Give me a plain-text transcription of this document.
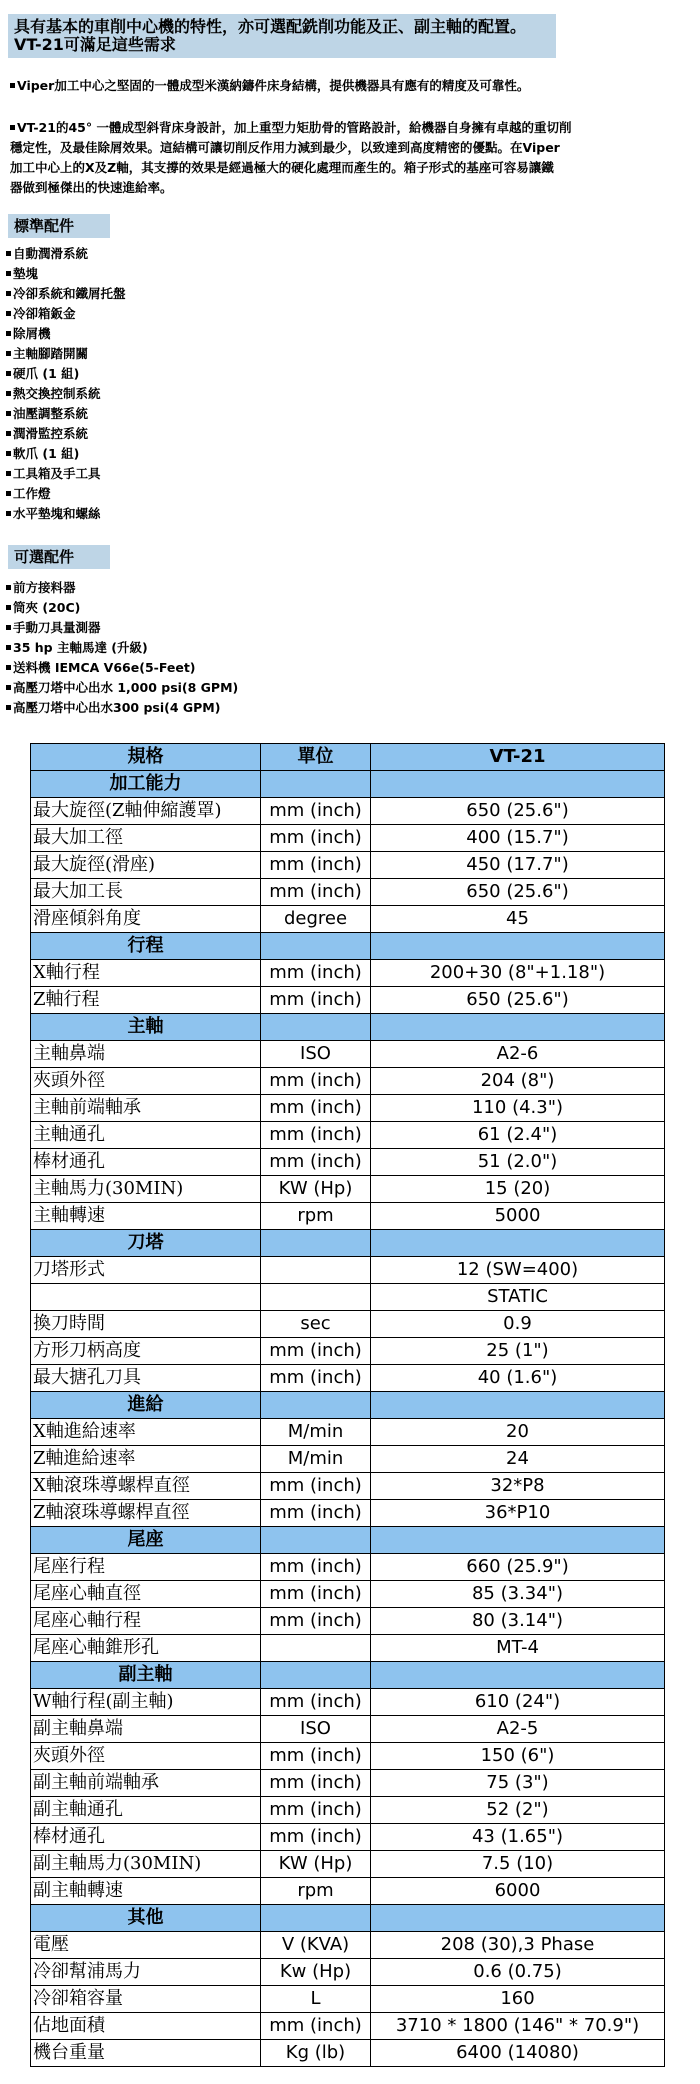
具有基本的車削中心機的特性，亦可選配銑削功能及正、副主軸的配置。
VT-21可滿足這些需求
Viper加工中心之堅固的一體成型米漢納鑄件床身結構，提供機器具有應有的精度及可靠性。
VT-21的45° 一體成型斜背床身設計，加上重型力矩肋骨的管路設計，給機器自身擁有卓越的重切削
穩定性，及最佳除屑效果。這結構可讓切削反作用力減到最少，以致達到高度精密的優點。在Viper
加工中心上的X及Z軸，其支撐的效果是經過極大的硬化處理而產生的。箱子形式的基座可容易讓鐵
器做到極傑出的快速進給率。
標準配件
自動潤滑系統
墊塊
冷卻系統和鐵屑托盤
冷卻箱鈑金
除屑機
主軸腳踏開關
硬爪 (1 組)
熱交換控制系統
油壓調整系統
潤滑監控系統
軟爪 (1 組)
工具箱及手工具
工作燈
水平墊塊和螺絲
可選配件
前方接料器
筒夾 (20C)
手動刀具量測器
35 hp 主軸馬達 (升級)
送料機 IEMCA V66e(5-Feet)
高壓刀塔中心出水 1,000 psi(8 GPM)
高壓刀塔中心出水300 psi(4 GPM)
規格	單位	VT-21
加工能力		
最大旋徑(Z軸伸縮護罩)	mm (inch)	650 (25.6")
最大加工徑	mm (inch)	400 (15.7")
最大旋徑(滑座)	mm (inch)	450 (17.7")
最大加工長	mm (inch)	650 (25.6")
滑座傾斜角度	degree	45
行程		
X軸行程	mm (inch)	200+30 (8"+1.18")
Z軸行程	mm (inch)	650 (25.6")
主軸		
主軸鼻端	ISO	A2-6
夾頭外徑	mm (inch)	204 (8")
主軸前端軸承	mm (inch)	110 (4.3")
主軸通孔	mm (inch)	61 (2.4")
棒材通孔	mm (inch)	51 (2.0")
主軸馬力(30MIN)	KW (Hp)	15 (20)
主軸轉速	rpm	5000
刀塔		
刀塔形式		12 (SW=400)
		STATIC
換刀時間	sec	0.9
方形刀柄高度	mm (inch)	25 (1")
最大搪孔刀具	mm (inch)	40 (1.6")
進給		
X軸進給速率	M/min	20
Z軸進給速率	M/min	24
X軸滾珠導螺桿直徑	mm (inch)	32*P8
Z軸滾珠導螺桿直徑	mm (inch)	36*P10
尾座		
尾座行程	mm (inch)	660 (25.9")
尾座心軸直徑	mm (inch)	85 (3.34")
尾座心軸行程	mm (inch)	80 (3.14")
尾座心軸錐形孔		MT-4
副主軸		
W軸行程(副主軸)	mm (inch)	610 (24")
副主軸鼻端	ISO	A2-5
夾頭外徑	mm (inch)	150 (6")
副主軸前端軸承	mm (inch)	75 (3")
副主軸通孔	mm (inch)	52 (2")
棒材通孔	mm (inch)	43 (1.65")
副主軸馬力(30MIN)	KW (Hp)	7.5 (10)
副主軸轉速	rpm	6000
其他		
電壓	V (KVA)	208 (30),3 Phase
冷卻幫浦馬力	Kw (Hp)	0.6 (0.75)
冷卻箱容量	L	160
佔地面積	mm (inch)	3710 * 1800 (146" * 70.9")
機台重量	Kg (lb)	6400 (14080)
